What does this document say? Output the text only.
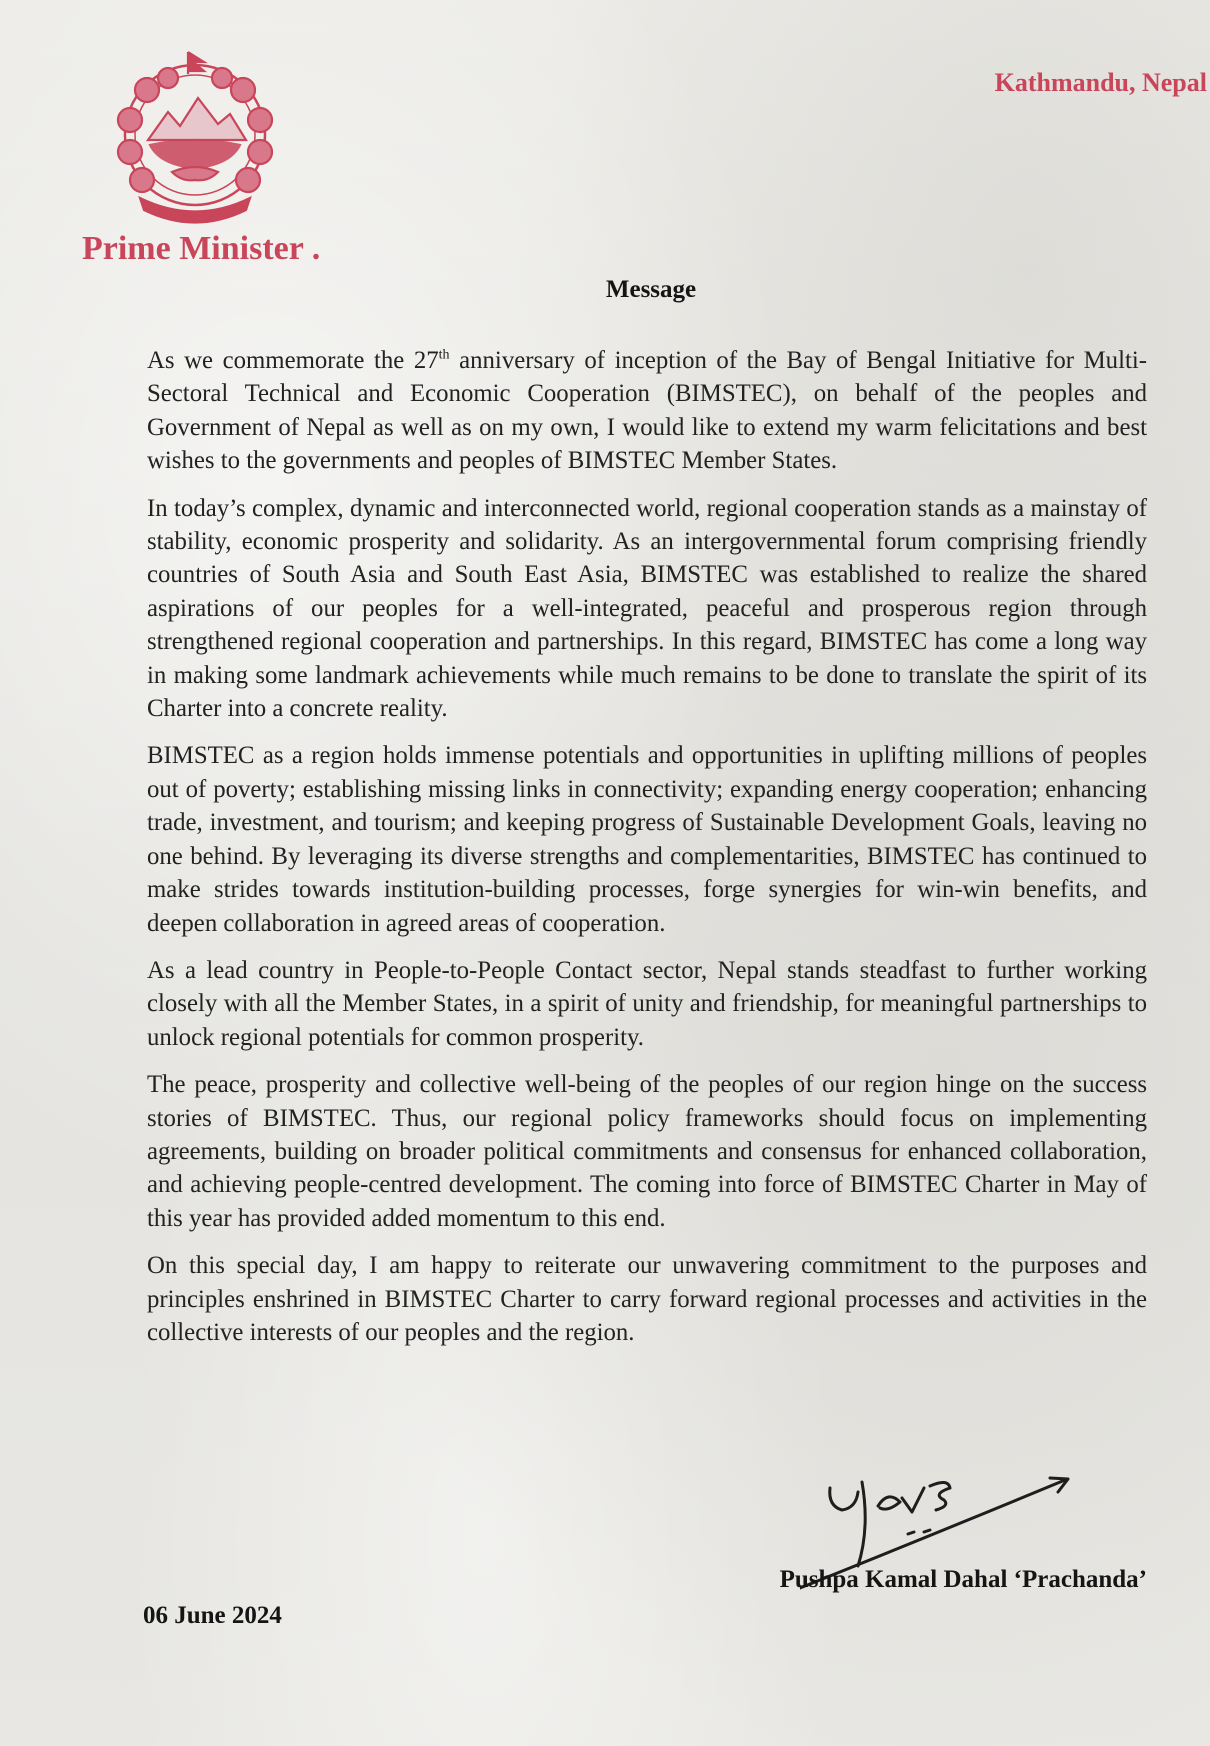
Kathmandu, Nepal
Prime Minister .
Message

As we commemorate the 27th anniversary of inception of the Bay of Bengal Initiative for Multi-Sectoral Technical and Economic Cooperation (BIMSTEC), on behalf of the peoples and Government of Nepal as well as on my own, I would like to extend my warm felicitations and best wishes to the governments and peoples of BIMSTEC Member States.

In today’s complex, dynamic and interconnected world, regional cooperation stands as a mainstay of stability, economic prosperity and solidarity. As an intergovernmental forum comprising friendly countries of South Asia and South East Asia, BIMSTEC was established to realize the shared aspirations of our peoples for a well-integrated, peaceful and prosperous region through strengthened regional cooperation and partnerships. In this regard, BIMSTEC has come a long way in making some landmark achievements while much remains to be done to translate the spirit of its Charter into a concrete reality.

BIMSTEC as a region holds immense potentials and opportunities in uplifting millions of peoples out of poverty; establishing missing links in connectivity; expanding energy cooperation; enhancing trade, investment, and tourism; and keeping progress of Sustainable Development Goals, leaving no one behind. By leveraging its diverse strengths and complementarities, BIMSTEC has continued to make strides towards institution-building processes, forge synergies for win-win benefits, and deepen collaboration in agreed areas of cooperation.

As a lead country in People-to-People Contact sector, Nepal stands steadfast to further working closely with all the Member States, in a spirit of unity and friendship, for meaningful partnerships to unlock regional potentials for common prosperity.

The peace, prosperity and collective well-being of the peoples of our region hinge on the success stories of BIMSTEC. Thus, our regional policy frameworks should focus on implementing agreements, building on broader political commitments and consensus for enhanced collaboration, and achieving people-centred development. The coming into force of BIMSTEC Charter in May of this year has provided added momentum to this end.

On this special day, I am happy to reiterate our unwavering commitment to the purposes and principles enshrined in BIMSTEC Charter to carry forward regional processes and activities in the collective interests of our peoples and the region.

Pushpa Kamal Dahal ‘Prachanda’
06 June 2024
